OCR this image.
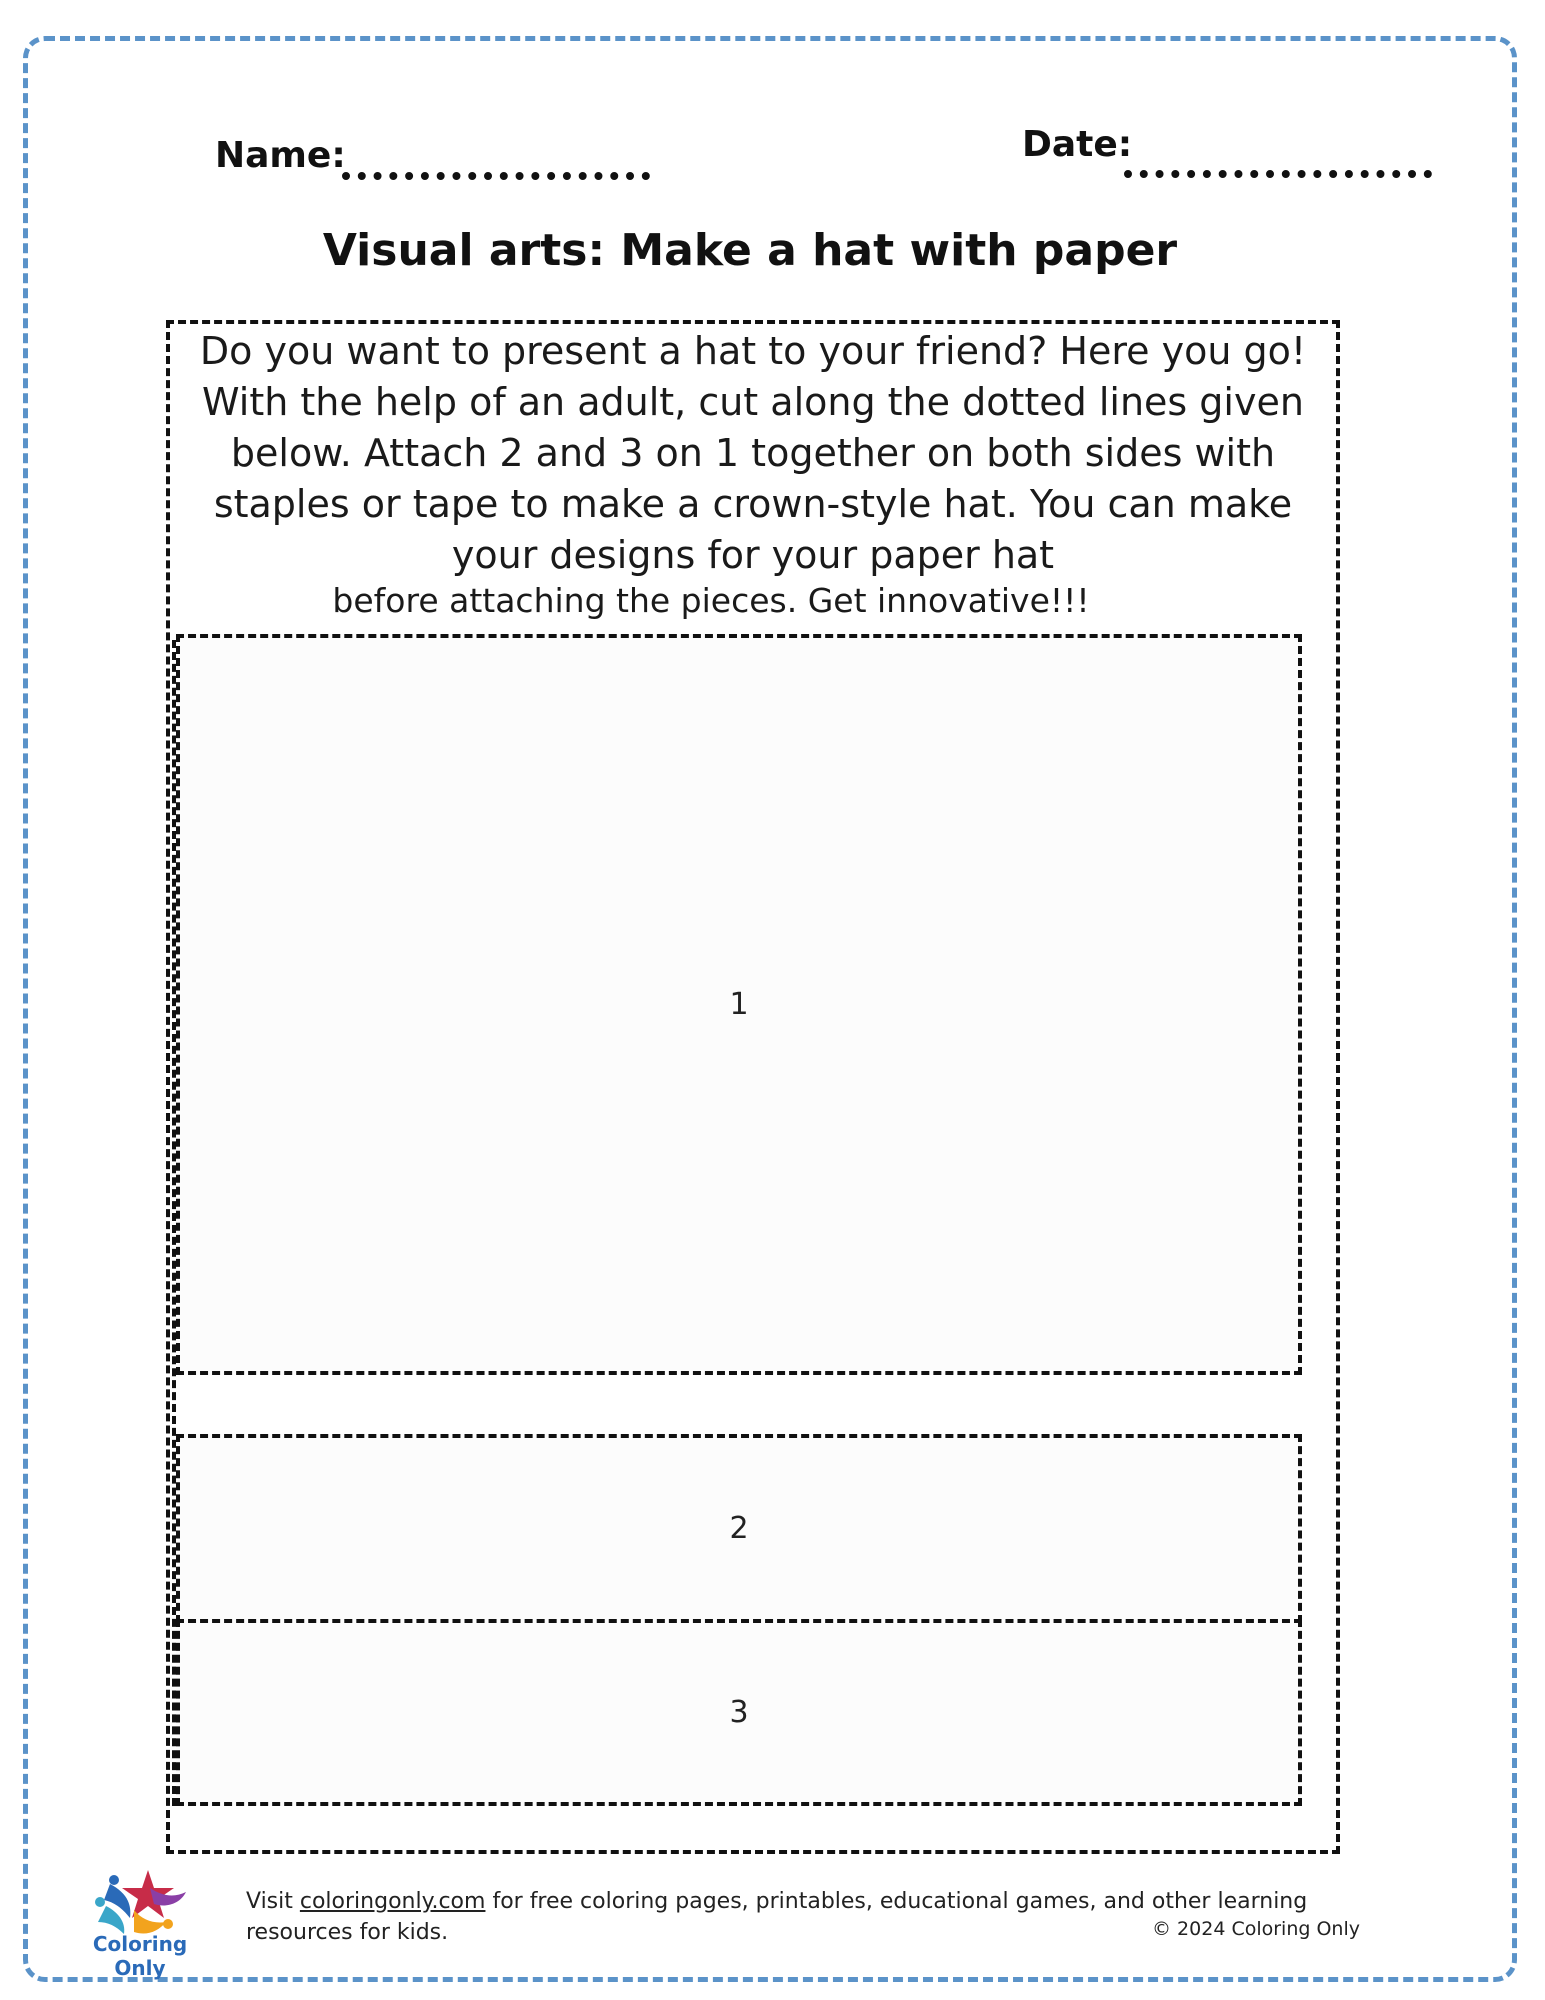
Name:	Date:
Visual arts: Make a hat with paper
Do you want to present a hat to your friend? Here you go!
With the help of an adult, cut along the dotted lines given
below. Attach 2 and 3 on 1 together on both sides with
staples or tape to make a crown-style hat. You can make
your designs for your paper hat
before attaching the pieces. Get innovative!!!
1
2
3
Coloring Only
Visit coloringonly.com for free coloring pages, printables, educational games, and other learning resources for kids.	© 2024 Coloring Only
